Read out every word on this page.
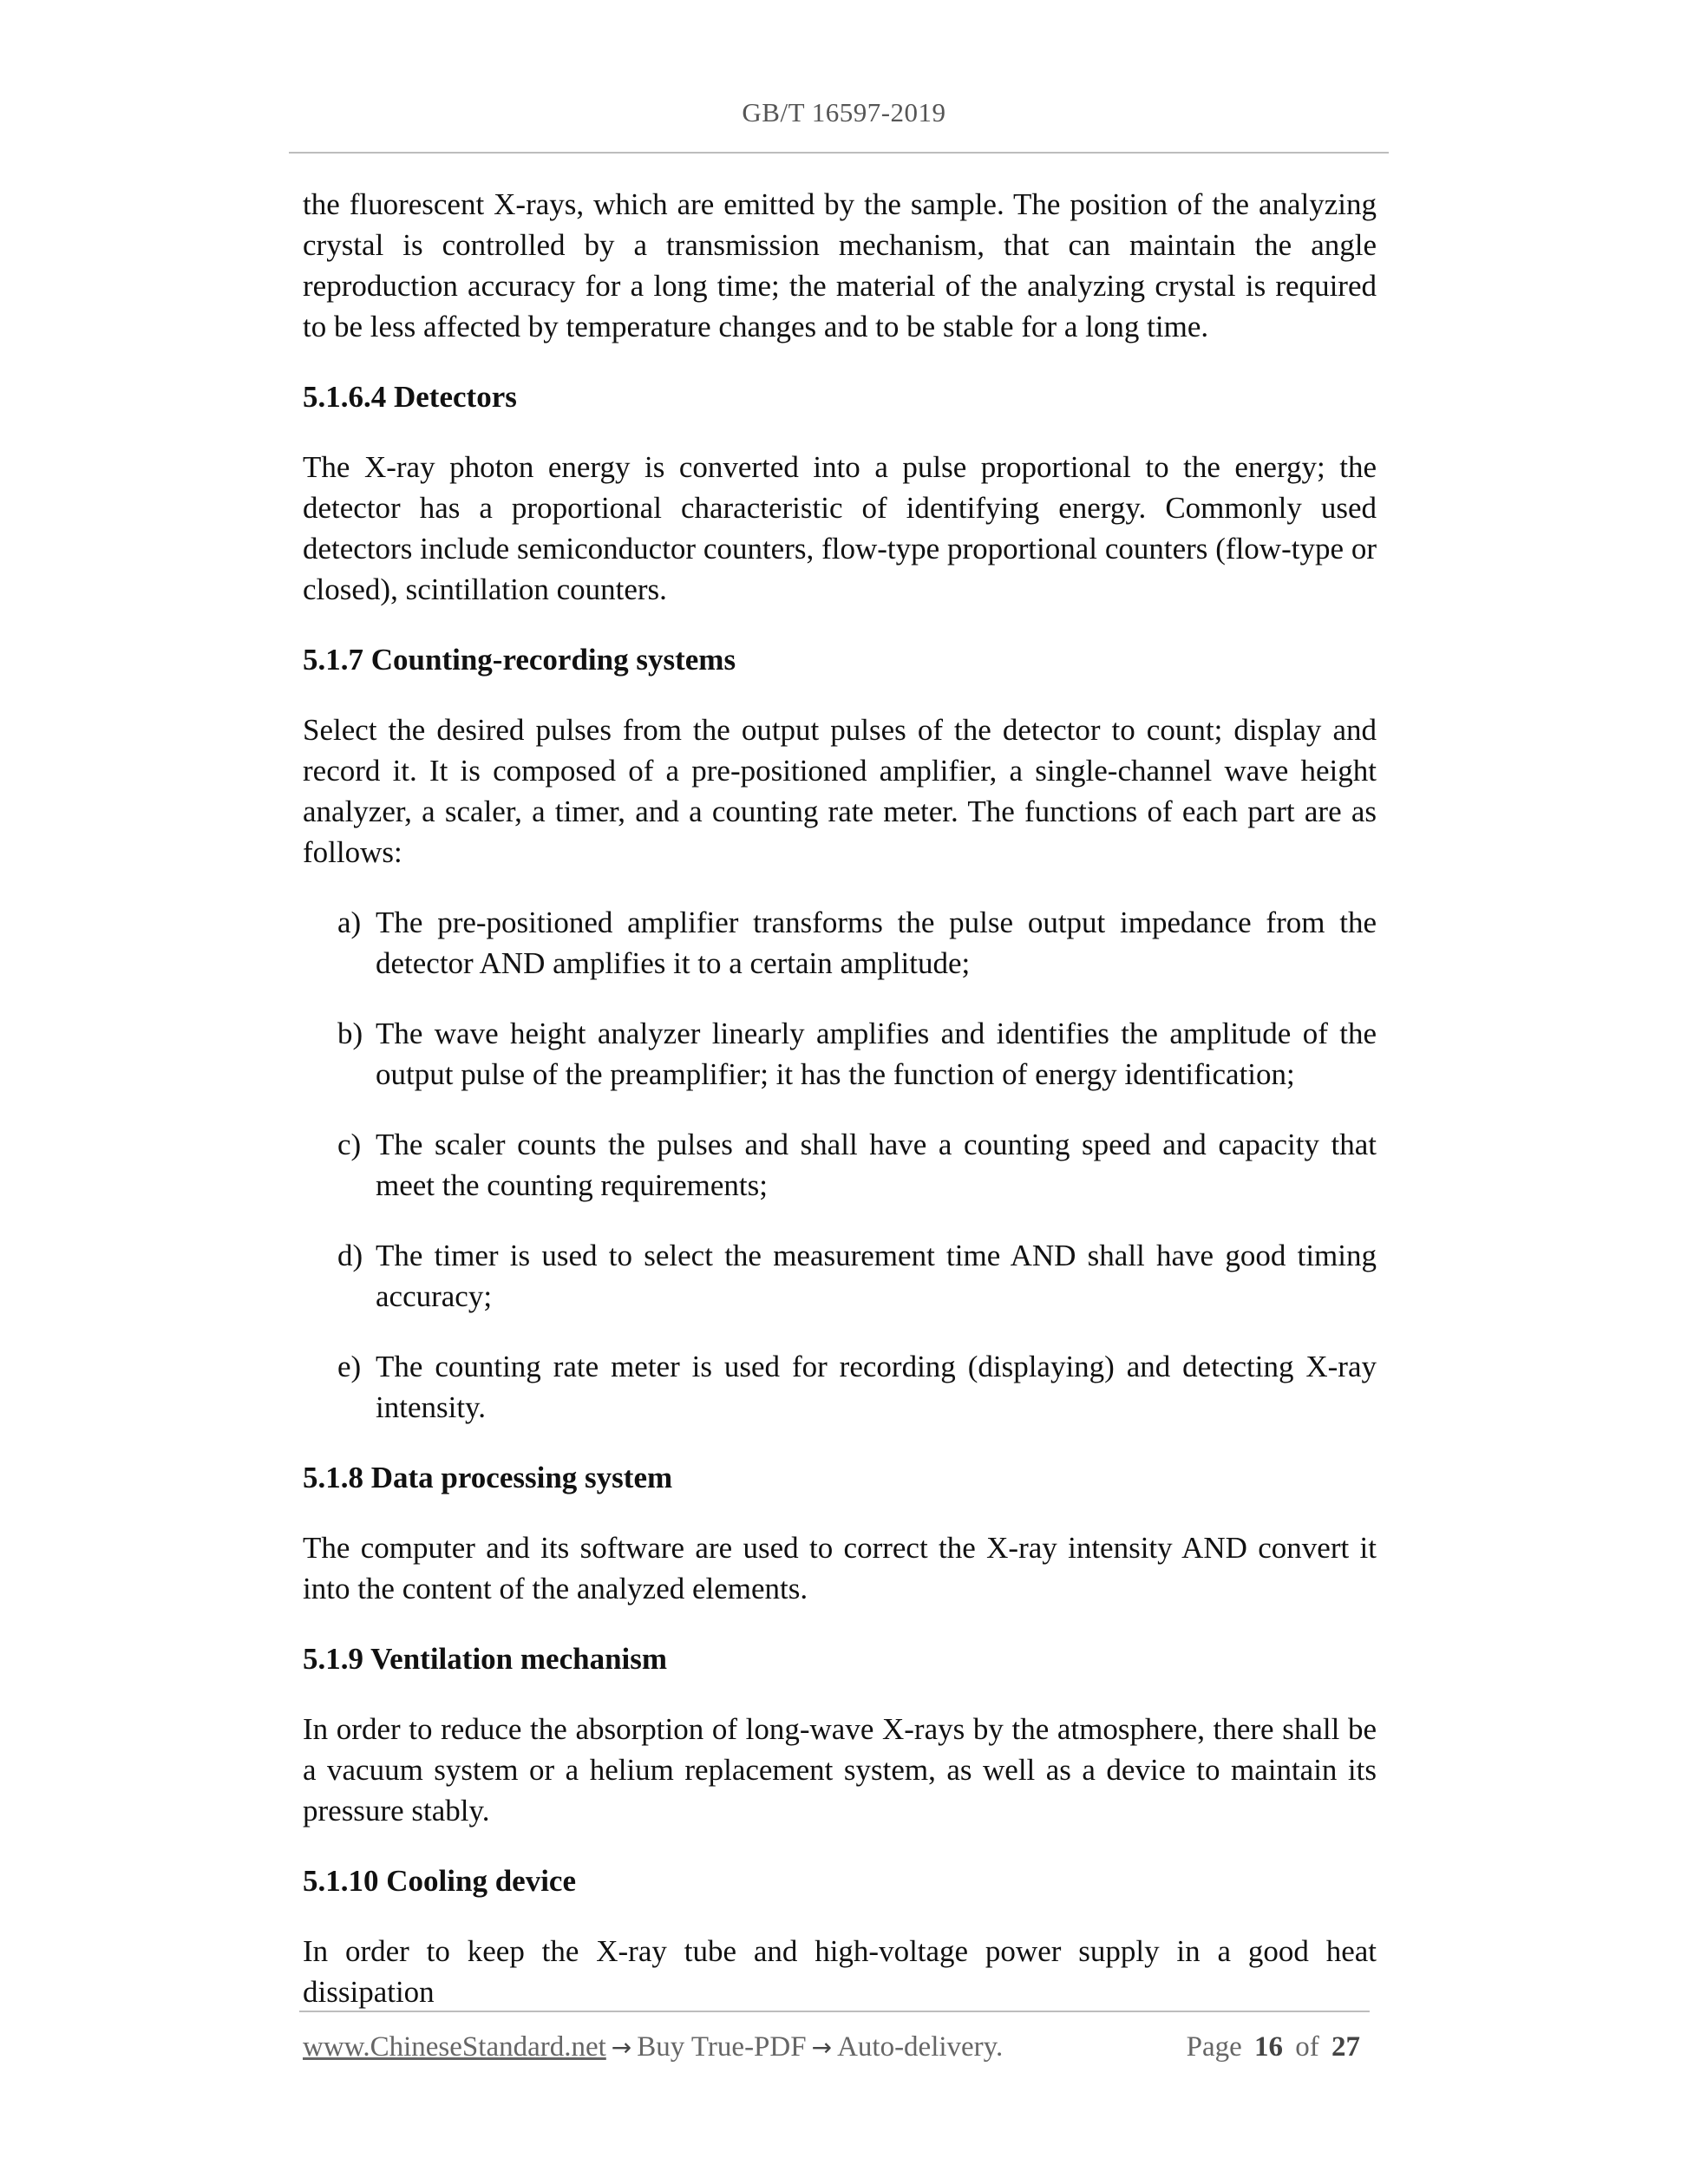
GB/T 16597-2019

the fluorescent X-rays, which are emitted by the sample. The position of the analyzing crystal is controlled by a transmission mechanism, that can maintain the angle reproduction accuracy for a long time; the material of the analyzing crystal is required to be less affected by temperature changes and to be stable for a long time.

5.1.6.4 Detectors

The X-ray photon energy is converted into a pulse proportional to the energy; the detector has a proportional characteristic of identifying energy. Commonly used detectors include semiconductor counters, flow-type proportional counters (flow-type or closed), scintillation counters.

5.1.7 Counting-recording systems

Select the desired pulses from the output pulses of the detector to count; display and record it. It is composed of a pre-positioned amplifier, a single-channel wave height analyzer, a scaler, a timer, and a counting rate meter. The functions of each part are as follows:

a) The pre-positioned amplifier transforms the pulse output impedance from the detector AND amplifies it to a certain amplitude;
b) The wave height analyzer linearly amplifies and identifies the amplitude of the output pulse of the preamplifier; it has the function of energy identification;
c) The scaler counts the pulses and shall have a counting speed and capacity that meet the counting requirements;
d) The timer is used to select the measurement time AND shall have good timing accuracy;
e) The counting rate meter is used for recording (displaying) and detecting X-ray intensity.
5.1.8 Data processing system

The computer and its software are used to correct the X-ray intensity AND convert it into the content of the analyzed elements.

5.1.9 Ventilation mechanism

In order to reduce the absorption of long-wave X-rays by the atmosphere, there shall be a vacuum system or a helium replacement system, as well as a device to maintain its pressure stably.

5.1.10 Cooling device

In order to keep the X-ray tube and high-voltage power supply in a good heat dissipation

www.ChineseStandard.net → Buy True-PDF → Auto-delivery.	Page 16 of 27
